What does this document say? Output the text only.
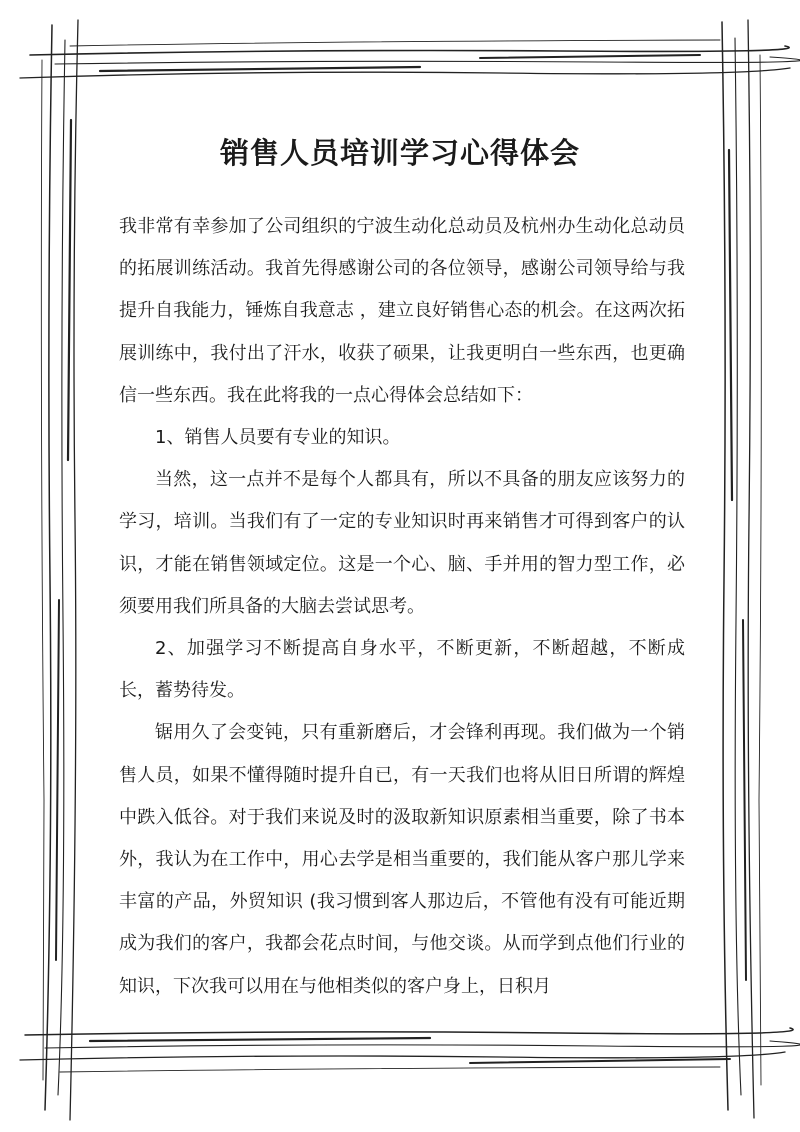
销售人员培训学习心得体会

我非常有幸参加了公司组织的宁波生动化总动员及杭州办生动化总动员的拓展训练活动。我首先得感谢公司的各位领导，感谢公司领导给与我提升自我能力，锤炼自我意志 ，建立良好销售心态的机会。在这两次拓展训练中，我付出了汗水，收获了硕果，让我更明白一些东西，也更确信一些东西。我在此将我的一点心得体会总结如下：

1、销售人员要有专业的知识。

当然，这一点并不是每个人都具有，所以不具备的朋友应该努力的学习，培训。当我们有了一定的专业知识时再来销售才可得到客户的认识，才能在销售领域定位。这是一个心、脑、手并用的智力型工作，必须要用我们所具备的大脑去尝试思考。

2、加强学习不断提高自身水平，不断更新，不断超越，不断成长，蓄势待发。

锯用久了会变钝，只有重新磨后，才会锋利再现。我们做为一个销售人员，如果不懂得随时提升自已，有一天我们也将从旧日所谓的辉煌中跌入低谷。对于我们来说及时的汲取新知识原素相当重要，除了书本外，我认为在工作中，用心去学是相当重要的，我们能从客户那儿学来丰富的产品，外贸知识 (我习惯到客人那边后，不管他有没有可能近期成为我们的客户，我都会花点时间，与他交谈。从而学到点他们行业的知识，下次我可以用在与他相类似的客户身上，日积月
